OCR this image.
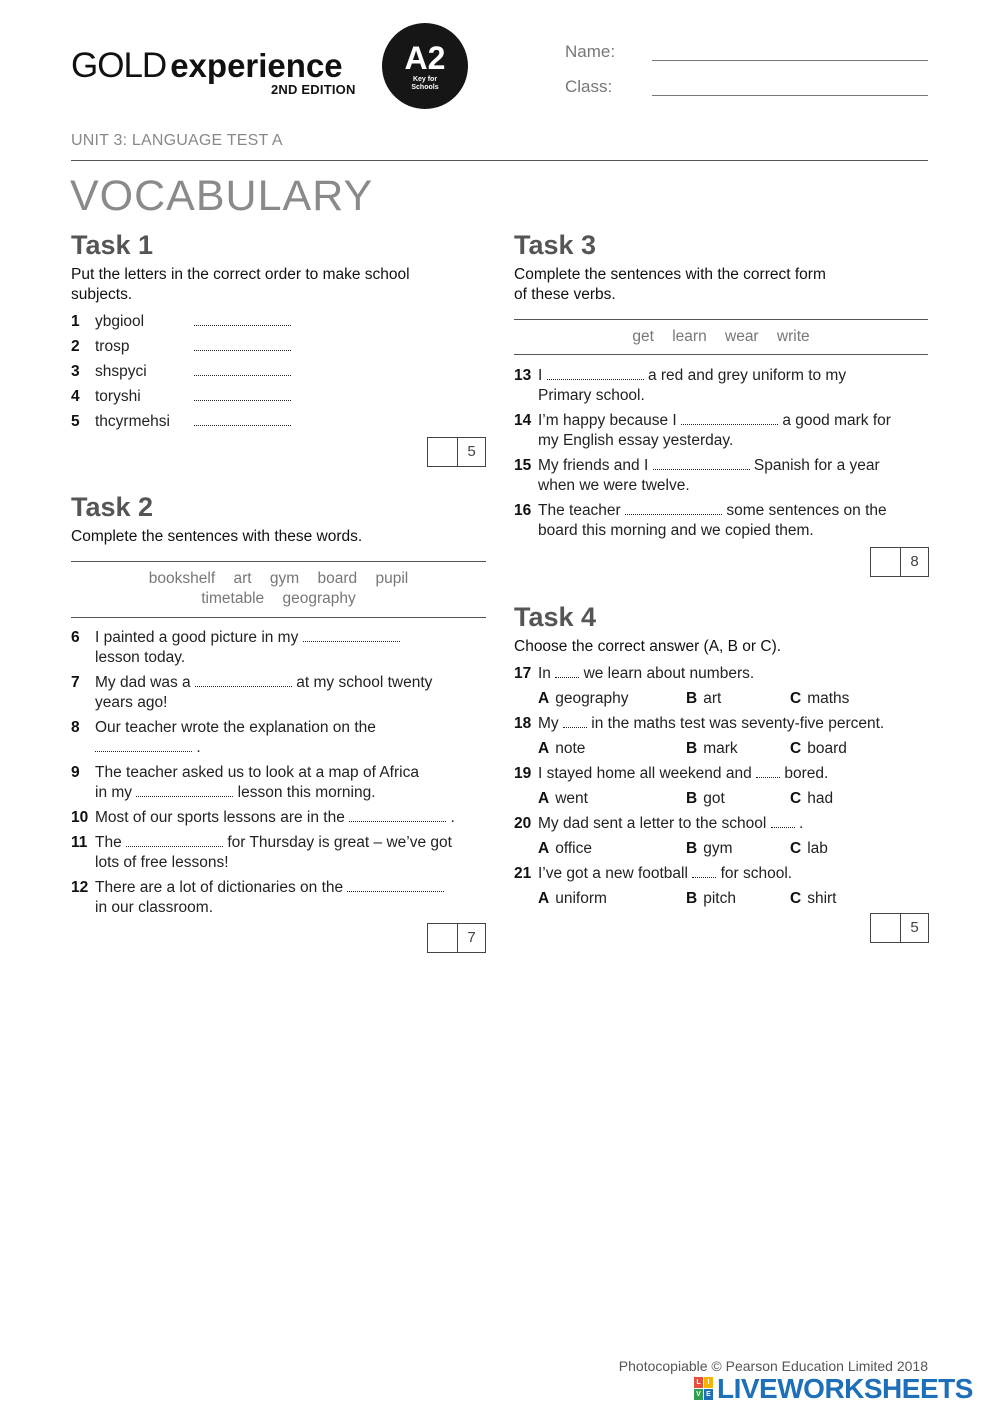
GOLD experience
2ND EDITION
A2
Key for Schools
Name:
Class:
UNIT 3: LANGUAGE TEST A
VOCABULARY
Task 1
Put the letters in the correct order to make school
subjects.
1 ybgiool
2 trosp
3 shspyci
4 toryshi
5 thcyrmehsi
5
Task 2
Complete the sentences with these words.
bookshelf art gym board pupil
timetable geography
6 I painted a good picture in my
lesson today.
7 My dad was a	at my school twenty
years ago!
8 Our teacher wrote the explanation on the
.
9 The teacher asked us to look at a map of Africa
in my	lesson this morning.
10 Most of our sports lessons are in the	.
11 The	for Thursday is great – we’ve got
lots of free lessons!
12 There are a lot of dictionaries on the
in our classroom.
7
Task 3
Complete the sentences with the correct form
of these verbs.
get learn wear write
13 I	a red and grey uniform to my
Primary school.
14 I’m happy because I	a good mark for
my English essay yesterday.
15 My friends and I	Spanish for a year
when we were twelve.
16 The teacher	some sentences on the
board this morning and we copied them.
8
Task 4
Choose the correct answer (A, B or C).
17 In we learn about numbers.
A geography	B art	C maths
18 My in the maths test was seventy-five percent.
A note	B mark	C board
19 I stayed home all weekend and bored.
A went	B got	C had
20 My dad sent a letter to the school .
A office	B gym	C lab
21 I’ve got a new football for school.
A uniform	B pitch	C shirt
5
Photocopiable © Pearson Education Limited 2018
L I
V E LIVEWORKSHEETS
